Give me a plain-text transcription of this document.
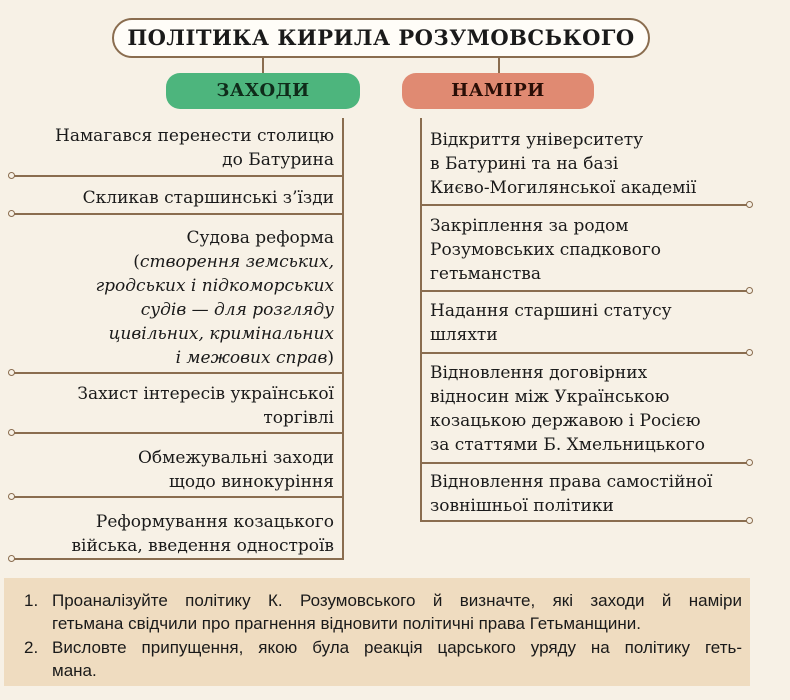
ПОЛІТИКА КИРИЛА РОЗУМОВСЬКОГО
ЗАХОДИ	НАМІРИ
Намагався перенести столицю
до Батурина
Скликав старшинські з’їзди
Судова реформа
(створення земських,
гродських і підкоморських
судів — для розгляду
цивільних, кримінальних
і межових справ)
Захист інтересів української
торгівлі
Обмежувальні заходи
щодо винокуріння
Реформування козацького
війська, введення одностроїв
Відкриття університету
в Батурині та на базі
Києво-Могилянської академії
Закріплення за родом
Розумовських спадкового
гетьманства
Надання старшині статусу
шляхти
Відновлення договірних
відносин між Українською
козацькою державою і Росією
за статтями Б. Хмельницького
Відновлення права самостійної
зовнішньої політики
1. Проаналізуйте політику К. Розумовського й визначте, які заходи й наміри
гетьмана свідчили про прагнення відновити політичні права Гетьманщини.
2. Висловте припущення, якою була реакція царського уряду на політику геть-
мана.
